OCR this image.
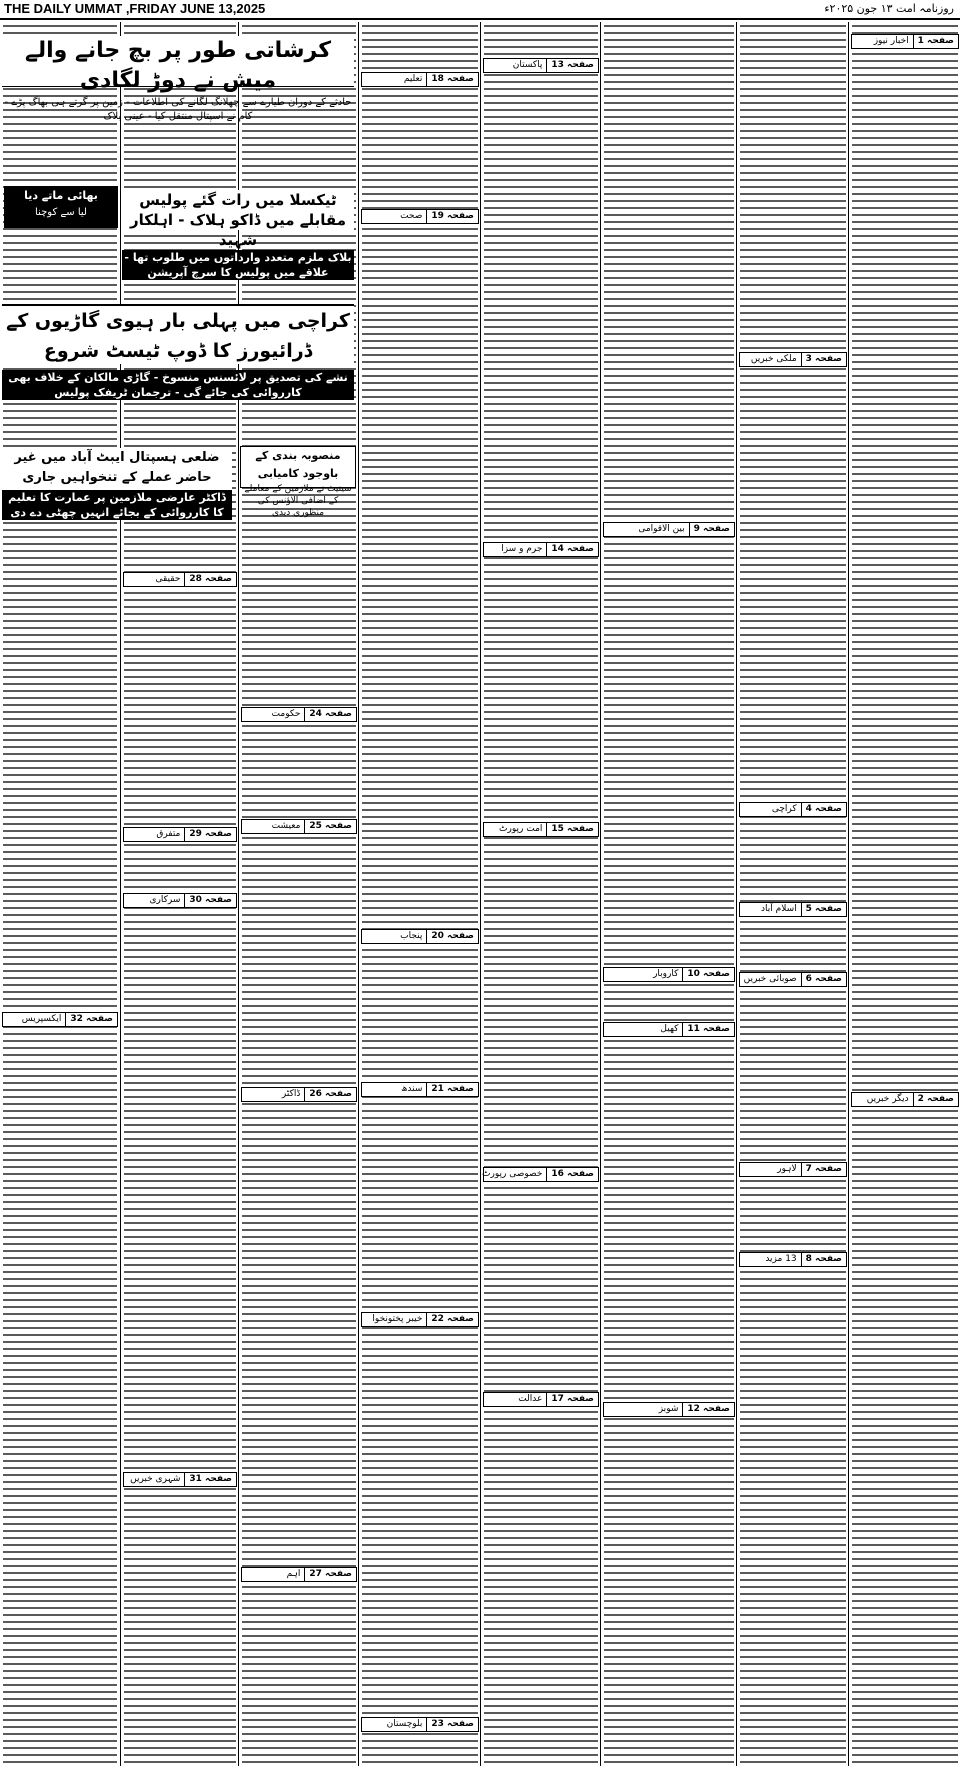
THE DAILY UMMAT ,FRIDAY JUNE 13,2025	روزنامہ امت ۱۳ جون ۲۰۲۵ء
صفحہ 1
اخبار نیوز
صفحہ 2
دیگر خبریں
صفحہ 3
ملکی خبریں
صفحہ 4
کراچی
صفحہ 5
اسلام آباد
صفحہ 6
صوبائی خبریں
صفحہ 7
لاہور
صفحہ 8
13 مزید
صفحہ 9
بین الاقوامی
صفحہ 10
کاروبار
صفحہ 11
کھیل
صفحہ 12
شوبز
صفحہ 13
پاکستان
صفحہ 14
جرم و سزا
صفحہ 15
امت رپورٹ
صفحہ 16
خصوصی رپورٹ
صفحہ 17
عدالت
صفحہ 18
تعلیم
صفحہ 19
صحت
صفحہ 20
پنجاب
صفحہ 21
سندھ
صفحہ 22
خیبر پختونخوا
صفحہ 23
بلوچستان
صفحہ 24
حکومت
صفحہ 25
معیشت
صفحہ 26
ڈاکٹر
صفحہ 27
اہم
صفحہ 28
حقیقی
صفحہ 29
متفرق
صفحہ 30
سرکاری
صفحہ 31
شہری خبریں
صفحہ 32
ایکسپریس
کرشاتی طور پر بچ جانے والے میش نے دوڑ لگادی
حادثے کے دوران طیارے سے چھلانگ لگانے کی اطلاعات - زمین پر گرتے ہی بھاگ پڑے - کام نے اسپتال منتقل کیا - عینی بلاک
بھائی ماتے دیا
لیا سے کوچنا
ٹیکسلا میں رات گئے پولیس مقابلے میں ڈاکو ہلاک - اہلکار شہید
بلاک ملزم متعدد وارداتوں میں طلوب تھا - علاقے میں پولیس کا سرچ آپریشن
کراچی میں پہلی بار ہیوی گاڑیوں کے ڈرائیورز کا ڈوپ ٹیسٹ شروع
نشے کی تصدیق پر لائسنس منسوخ - گاڑی مالکان کے خلاف بھی کارروائی کی جائے گی - ترجمان ٹریفک پولیس
ضلعی ہسپتال ایبٹ آباد میں غیر حاضر عملے کے تنخواہیں جاری
ڈاکٹر عارضی ملازمین پر عمارت کا تعلیم کا کارروائی کے بجائے انہیں چھٹی دے دی
منصوبہ بندی کے باوجود کامیابی
سینیٹ نے ملازمین کے معاملے کے اضافی الاؤنس کی منظوری دیدی
